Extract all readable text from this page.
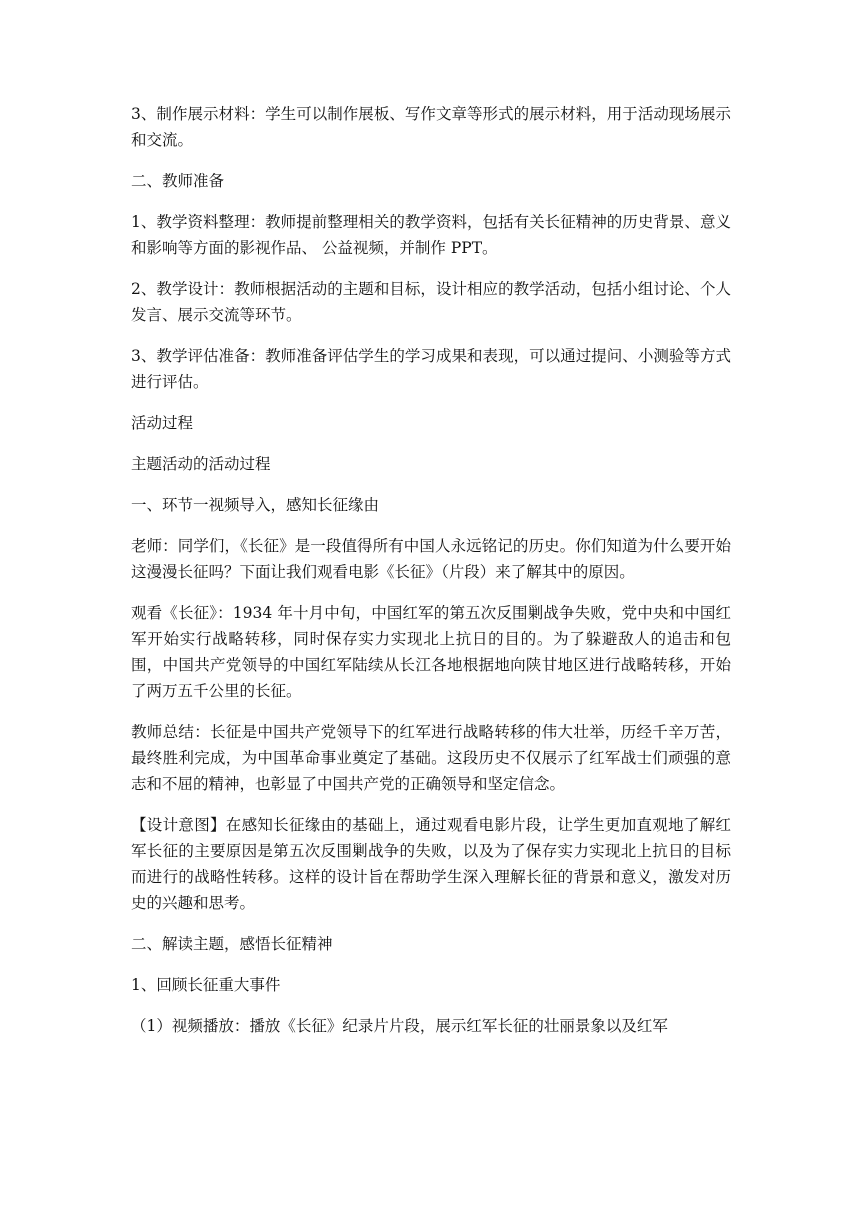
3、制作展示材料：学生可以制作展板、写作文章等形式的展示材料，用于活动现场展示和交流。

二、教师准备

1、教学资料整理：教师提前整理相关的教学资料，包括有关长征精神的历史背景、意义和影响等方面的影视作品、 公益视频，并制作 PPT。

2、教学设计：教师根据活动的主题和目标，设计相应的教学活动，包括小组讨论、个人发言、展示交流等环节。

3、教学评估准备：教师准备评估学生的学习成果和表现，可以通过提问、小测验等方式进行评估。

活动过程

主题活动的活动过程

一、环节一视频导入，感知长征缘由

老师：同学们，《长征》是一段值得所有中国人永远铭记的历史。你们知道为什么要开始这漫漫长征吗？下面让我们观看电影《长征》（片段）来了解其中的原因。

观看《长征》：1934 年十月中旬，中国红军的第五次反围剿战争失败，党中央和中国红军开始实行战略转移，同时保存实力实现北上抗日的目的。为了躲避敌人的追击和包围，中国共产党领导的中国红军陆续从长江各地根据地向陕甘地区进行战略转移，开始了两万五千公里的长征。

教师总结：长征是中国共产党领导下的红军进行战略转移的伟大壮举，历经千辛万苦，最终胜利完成，为中国革命事业奠定了基础。这段历史不仅展示了红军战士们顽强的意志和不屈的精神，也彰显了中国共产党的正确领导和坚定信念。

【设计意图】在感知长征缘由的基础上，通过观看电影片段，让学生更加直观地了解红军长征的主要原因是第五次反围剿战争的失败，以及为了保存实力实现北上抗日的目标而进行的战略性转移。这样的设计旨在帮助学生深入理解长征的背景和意义，激发对历史的兴趣和思考。

二、解读主题，感悟长征精神

1、回顾长征重大事件

（1）视频播放：播放《长征》纪录片片段，展示红军长征的壮丽景象以及红军
